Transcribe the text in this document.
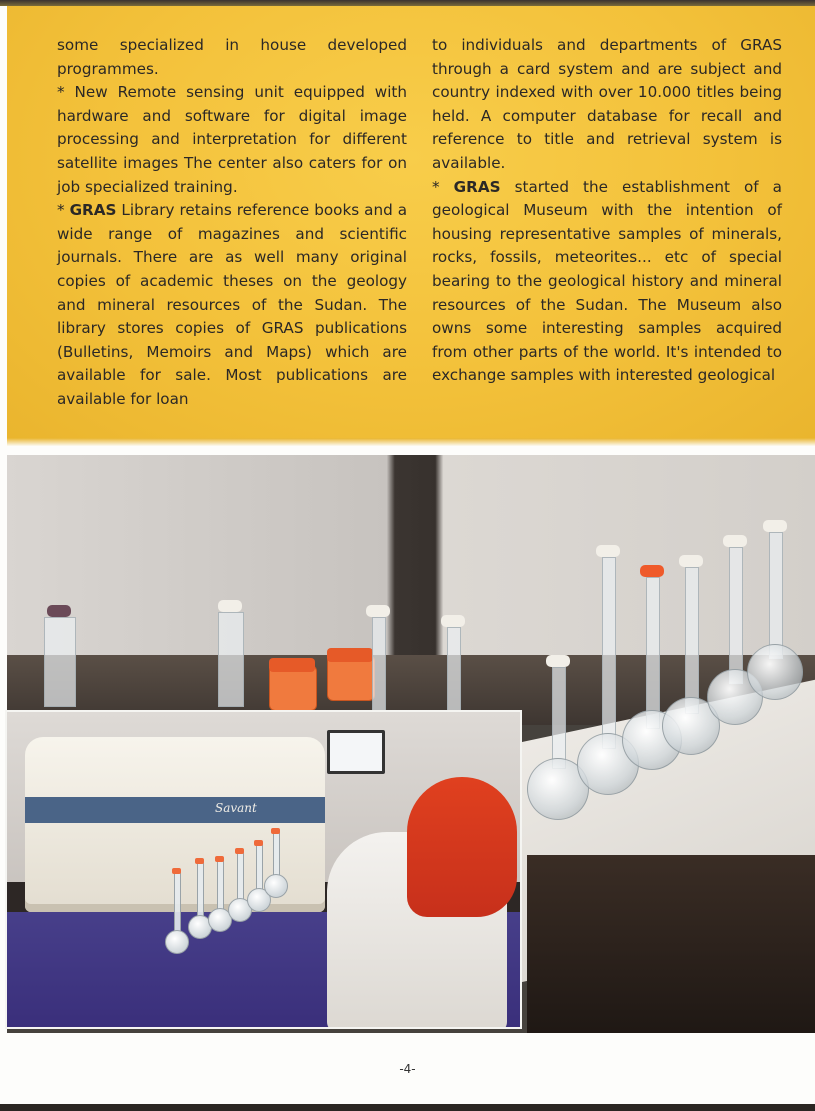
some specialized in house developed programmes.

* New Remote sensing unit equipped with hardware and software for digital image processing and interpretation for different satellite images The center also caters for on job specialized training.

* GRAS Library retains reference books and a wide range of magazines and scientific journals. There are as well many original copies of academic theses on the geology and mineral resources of the Sudan. The library stores copies of GRAS publications (Bulletins, Memoirs and Maps) which are available for sale. Most publications are available for loan

to individuals and departments of GRAS through a card system and are subject and country indexed with over 10.000 titles being held. A computer database for recall and reference to title and retrieval system is available.

* GRAS started the establishment of a geological Museum with the intention of housing representative samples of minerals, rocks, fossils, meteorites... etc of special bearing to the geological history and mineral resources of the Sudan. The Museum also owns some interesting samples acquired from other parts of the world. It's intended to exchange samples with interested geological

Savant
-4-
